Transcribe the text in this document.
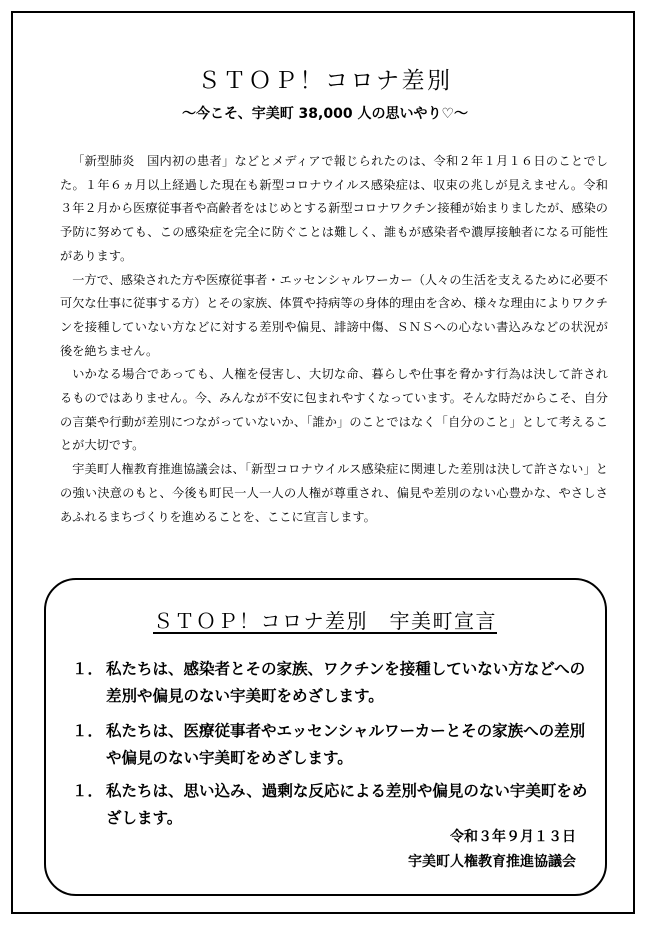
ＳＴＯＰ！コロナ差別
～今こそ、宇美町 38,000 人の思いやり♡～

「新型肺炎　国内初の患者」などとメディアで報じられたのは、令和２年１月１６日のことでした。１年６ヵ月以上経過した現在も新型コロナウイルス感染症は、収束の兆しが見えません。令和３年２月から医療従事者や高齢者をはじめとする新型コロナワクチン接種が始まりましたが、感染の予防に努めても、この感染症を完全に防ぐことは難しく、誰もが感染者や濃厚接触者になる可能性があります。

一方で、感染された方や医療従事者・エッセンシャルワーカー（人々の生活を支えるために必要不可欠な仕事に従事する方）とその家族、体質や持病等の身体的理由を含め、様々な理由によりワクチンを接種していない方などに対する差別や偏見、誹謗中傷、ＳＮＳへの心ない書込みなどの状況が後を絶ちません。

いかなる場合であっても、人権を侵害し、大切な命、暮らしや仕事を脅かす行為は決して許されるものではありません。今、みんなが不安に包まれやすくなっています。そんな時だからこそ、自分の言葉や行動が差別につながっていないか、「誰か」のことではなく「自分のこと」として考えることが大切です。

宇美町人権教育推進協議会は、「新型コロナウイルス感染症に関連した差別は決して許さない」との強い決意のもと、今後も町民一人一人の人権が尊重され、偏見や差別のない心豊かな、やさしさあふれるまちづくりを進めることを、ここに宣言します。

ＳＴＯＰ！コロナ差別　宇美町宣言
１． 私たちは、感染者とその家族、ワクチンを接種していない方などへの差別や偏見のない宇美町をめざします。
１． 私たちは、医療従事者やエッセンシャルワーカーとその家族への差別や偏見のない宇美町をめざします。
１． 私たちは、思い込み、過剰な反応による差別や偏見のない宇美町をめざします。
令和３年９月１３日
宇美町人権教育推進協議会
